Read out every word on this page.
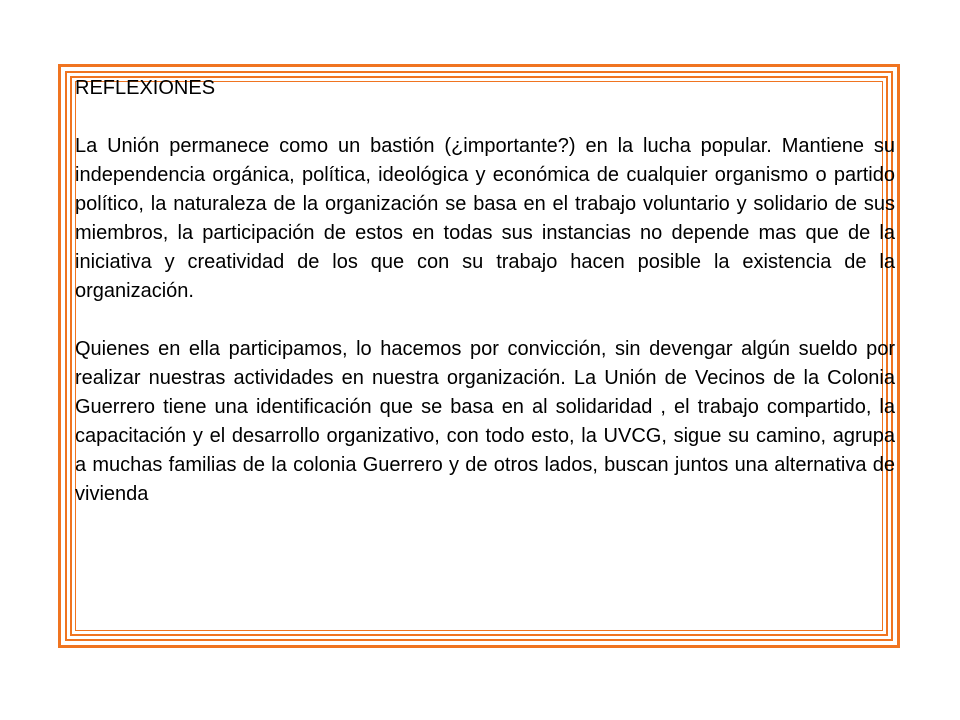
REFLEXIONES

La Unión permanece como un bastión (¿importante?) en la lucha popular. Mantiene su independencia orgánica, política, ideológica y económica de cualquier organismo o partido político, la naturaleza de la organización se basa en el trabajo voluntario y solidario de sus miembros, la participación de estos en todas sus instancias no depende mas que de la iniciativa y creatividad de los que con su trabajo hacen posible la existencia de la organización.

Quienes en ella participamos, lo hacemos por convicción, sin devengar algún sueldo por realizar nuestras actividades en nuestra organización. La Unión de Vecinos de la Colonia Guerrero tiene una identificación que se basa en al solidaridad , el trabajo compartido, la capacitación y el desarrollo organizativo, con todo esto, la UVCG, sigue su camino, agrupa a muchas familias de la colonia Guerrero y de otros lados, buscan juntos una alternativa de vivienda
